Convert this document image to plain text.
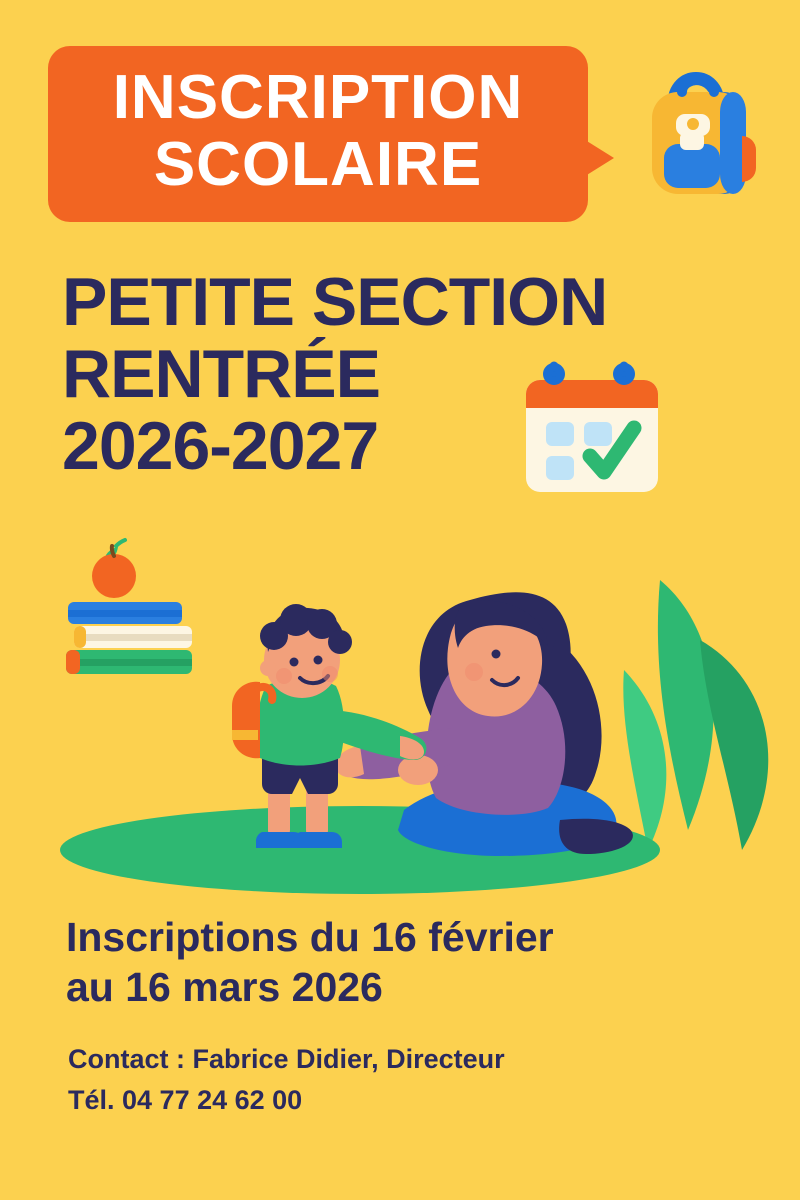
INSCRIPTION
SCOLAIRE
PETITE SECTION
RENTRÉE
2026-2027
Inscriptions du 16 février
au 16 mars 2026
Contact : Fabrice Didier, Directeur
Tél. 04 77 24 62 00
